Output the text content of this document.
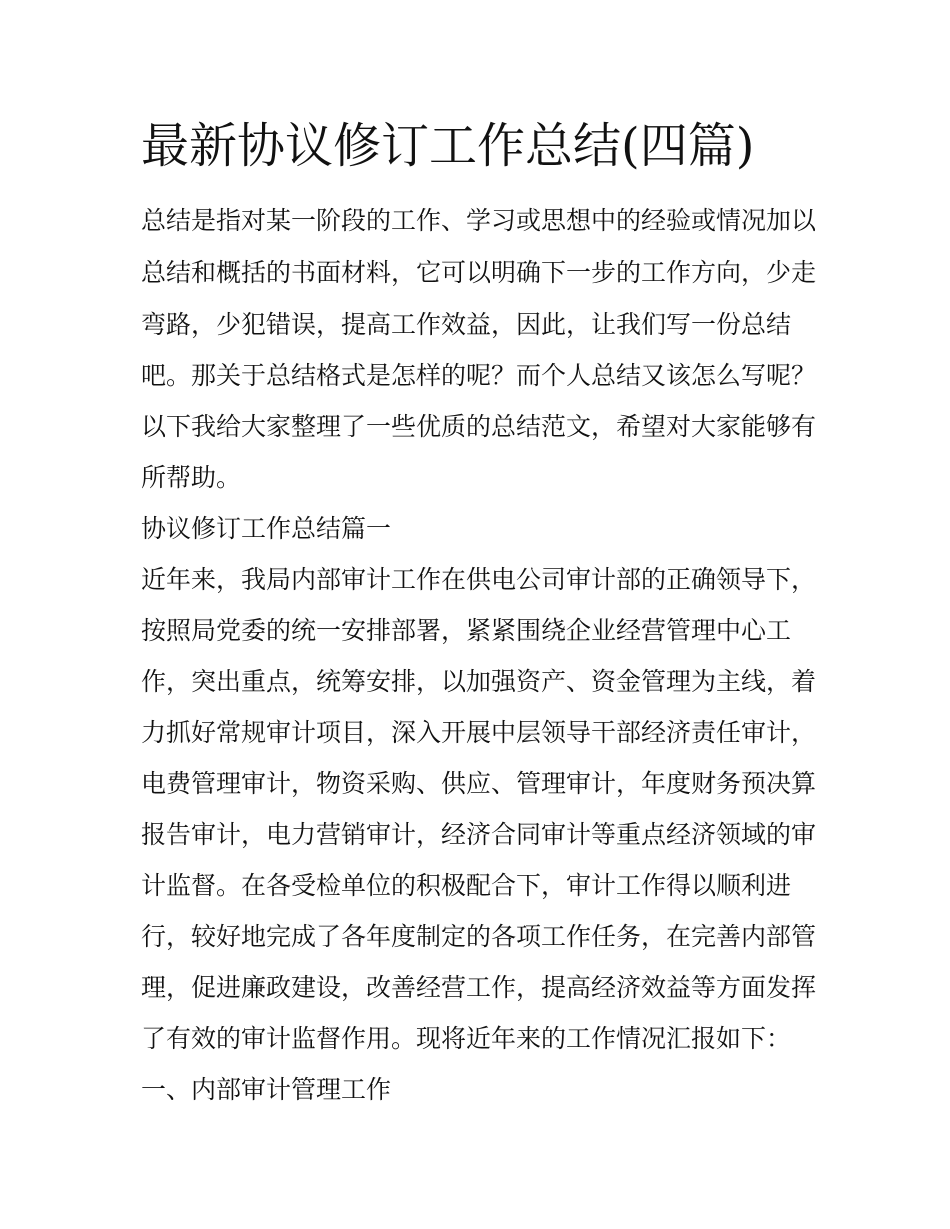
最新协议修订工作总结(四篇)

总结是指对某一阶段的工作、学习或思想中的经验或情况加以

总结和概括的书面材料，它可以明确下一步的工作方向，少走

弯路，少犯错误，提高工作效益，因此，让我们写一份总结

吧。那关于总结格式是怎样的呢？而个人总结又该怎么写呢？

以下我给大家整理了一些优质的总结范文，希望对大家能够有

所帮助。

协议修订工作总结篇一

近年来，我局内部审计工作在供电公司审计部的正确领导下，

按照局党委的统一安排部署，紧紧围绕企业经营管理中心工

作，突出重点，统筹安排，以加强资产、资金管理为主线，着

力抓好常规审计项目，深入开展中层领导干部经济责任审计，

电费管理审计，物资采购、供应、管理审计，年度财务预决算

报告审计，电力营销审计，经济合同审计等重点经济领域的审

计监督。在各受检单位的积极配合下，审计工作得以顺利进

行，较好地完成了各年度制定的各项工作任务，在完善内部管

理，促进廉政建设，改善经营工作，提高经济效益等方面发挥

了有效的审计监督作用。现将近年来的工作情况汇报如下：

一、内部审计管理工作
